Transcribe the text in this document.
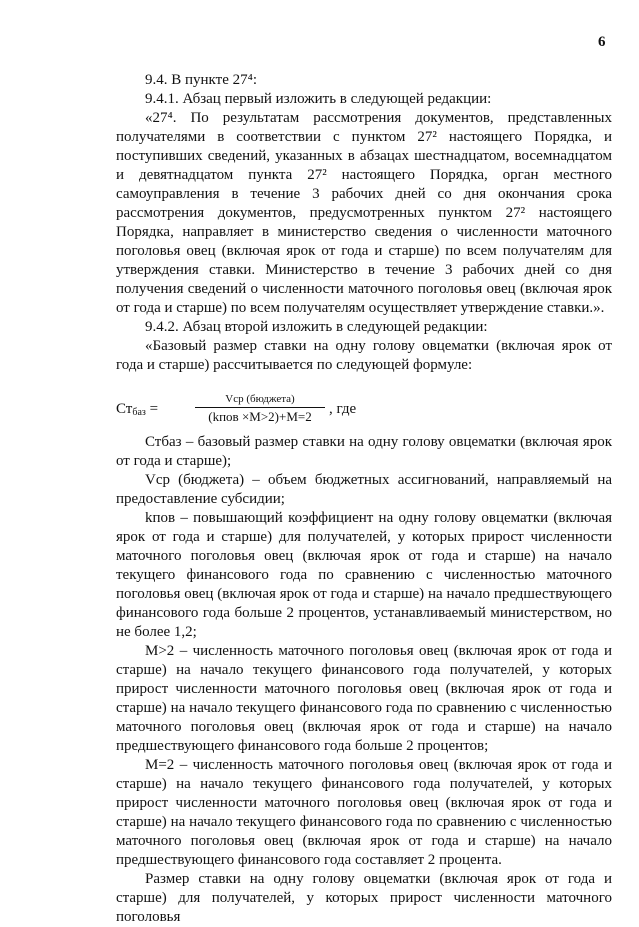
6

9.4. В пункте 27⁴:

9.4.1. Абзац первый изложить в следующей редакции:

«27⁴. По результатам рассмотрения документов, представленных получателями в соответствии с пунктом 27² настоящего Порядка, и поступивших сведений, указанных в абзацах шестнадцатом, восемнадцатом и девятнадцатом пункта 27² настоящего Порядка, орган местного самоуправления в течение 3 рабочих дней со дня окончания срока рассмотрения документов, предусмотренных пунктом 27² настоящего Порядка, направляет в министерство сведения о численности маточного поголовья овец (включая ярок от года и старше) по всем получателям для утверждения ставки. Министерство в течение 3 рабочих дней со дня получения сведений о численности маточного поголовья овец (включая ярок от года и старше) по всем получателям осуществляет утверждение ставки.».

9.4.2. Абзац второй изложить в следующей редакции:

«Базовый размер ставки на одну голову овцематки (включая ярок от года и старше) рассчитывается по следующей формуле:

$Ст_{баз}$ =
Vср (бюджета)
(kпов ×M>2)+M=2	, где

Стбаз – базовый размер ставки на одну голову овцематки (включая ярок от года и старше);

Vср (бюджета) – объем бюджетных ассигнований, направляемый на предоставление субсидии;

kпов – повышающий коэффициент на одну голову овцематки (включая ярок от года и старше) для получателей, у которых прирост численности маточного поголовья овец (включая ярок от года и старше) на начало текущего финансового года по сравнению с численностью маточного поголовья овец (включая ярок от года и старше) на начало предшествующего финансового года больше 2 процентов, устанавливаемый министерством, но не более 1,2;

M>2 – численность маточного поголовья овец (включая ярок от года и старше) на начало текущего финансового года получателей, у которых прирост численности маточного поголовья овец (включая ярок от года и старше) на начало текущего финансового года по сравнению с численностью маточного поголовья овец (включая ярок от года и старше) на начало предшествующего финансового года больше 2 процентов;

M=2 – численность маточного поголовья овец (включая ярок от года и старше) на начало текущего финансового года получателей, у которых прирост численности маточного поголовья овец (включая ярок от года и старше) на начало текущего финансового года по сравнению с численностью маточного поголовья овец (включая ярок от года и старше) на начало предшествующего финансового года составляет 2 процента.

Размер ставки на одну голову овцематки (включая ярок от года и старше) для получателей, у которых прирост численности маточного поголовья
